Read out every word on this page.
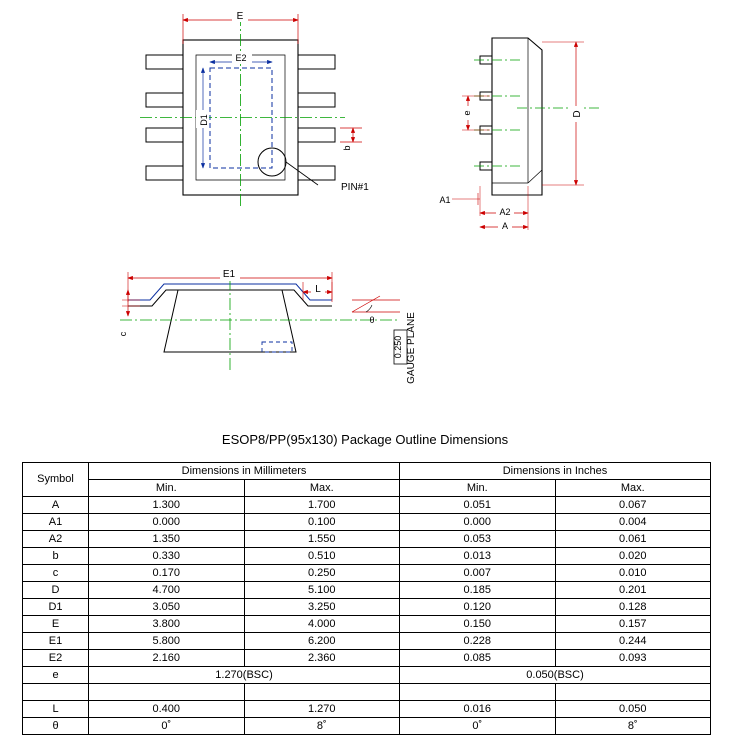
E
E2
D1
b
PIN#1
e	D
A1
A2
A
E1
L
c
θ
0.250 GAUGE PLANE
ESOP8/PP(95x130) Package Outline Dimensions
Symbol	Dimensions in Millimeters		Dimensions in Inches	
	Min.	Max.	Min.	Max.
A	1.300	1.700	0.051	0.067
A1	0.000	0.100	0.000	0.004
A2	1.350	1.550	0.053	0.061
b	0.330	0.510	0.013	0.020
c	0.170	0.250	0.007	0.010
D	4.700	5.100	0.185	0.201
D1	3.050	3.250	0.120	0.128
E	3.800	4.000	0.150	0.157
E1	5.800	6.200	0.228	0.244
E2	2.160	2.360	0.085	0.093
e	1.270(BSC)		0.050(BSC)	

L	0.400	1.270	0.016	0.050
θ	0˚	8˚	0˚	8˚
